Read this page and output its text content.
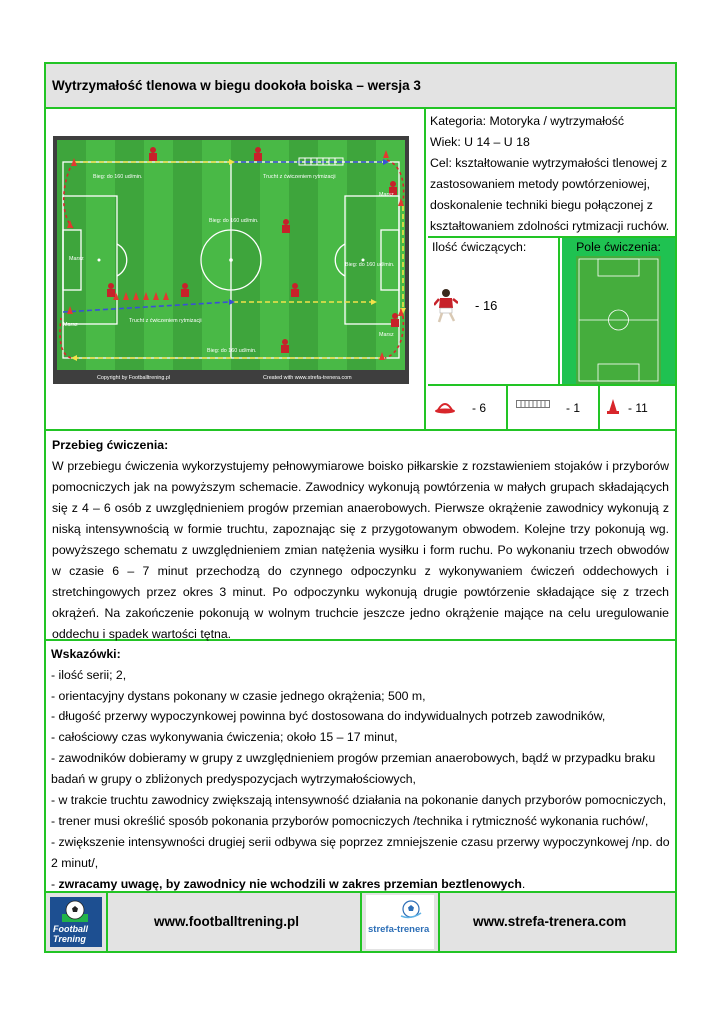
Wytrzymałość tlenowa w biegu dookoła boiska – wersja 3
Bieg: do 160 ud/min.	Trucht z ćwiczeniem rytmizacji
Marsz
Bieg: do 160 ud/min.
Marsz
Bieg: do 160 ud/min.
Marsz
Trucht z ćwiczeniem rytmizacji
Marsz
Bieg: do 160 ud/min.
Copyright by Footballtrening.pl	Created with www.strefa-trenera.com
Kategoria: Motoryka / wytrzymałość
Wiek: U 14 – U 18
Cel: kształtowanie wytrzymałości tlenowej z
zastosowaniem metody powtórzeniowej,
doskonalenie techniki biegu połączonej z
kształtowaniem zdolności rytmizacji ruchów.
Ilość ćwiczących:
- 16
Pole ćwiczenia:
- 6	- 1	- 11
Przebieg ćwiczenia:
W przebiegu ćwiczenia wykorzystujemy pełnowymiarowe boisko piłkarskie z rozstawieniem stojaków i przyborów pomocniczych jak na powyższym schemacie. Zawodnicy wykonują powtórzenia w małych grupach składających się z 4 – 6 osób z uwzględnieniem progów przemian anaerobowych. Pierwsze okrążenie zawodnicy wykonują z niską intensywnością w formie truchtu, zapoznając się z przygotowanym obwodem. Kolejne trzy pokonują wg. powyższego schematu z uwzględnieniem zmian natężenia wysiłku i form ruchu. Po wykonaniu trzech obwodów w czasie 6 – 7 minut przechodzą do czynnego odpoczynku z wykonywaniem ćwiczeń oddechowych i stretchingowych przez okres 3 minut. Po odpoczynku wykonują drugie powtórzenie składające się z trzech okrążeń. Na zakończenie pokonują w wolnym truchcie jeszcze jedno okrążenie mające na celu uregulowanie oddechu i spadek wartości tętna.
Wskazówki:
- ilość serii; 2,
- orientacyjny dystans pokonany w czasie jednego okrążenia; 500 m,
- długość przerwy wypoczynkowej powinna być dostosowana do indywidualnych potrzeb zawodników,
- całościowy czas wykonywania ćwiczenia; około 15 – 17 minut,
- zawodników dobieramy w grupy z uwzględnieniem progów przemian anaerobowych, bądź w przypadku braku badań w grupy o zbliżonych predyspozycjach wytrzymałościowych,
- w trakcie truchtu zawodnicy zwiększają intensywność działania na pokonanie danych przyborów pomocniczych,
- trener musi określić sposób pokonania przyborów pomocniczych /technika i rytmiczność wykonania ruchów/,
- zwiększenie intensywności drugiej serii odbywa się poprzez zmniejszenie czasu przerwy wypoczynkowej /np. do 2 minut/,
- zwracamy uwagę, by zawodnicy nie wchodzili w zakres przemian beztlenowych.
Football
Trening
www.footballtrening.pl
strefa-trenera
www.strefa-trenera.com
